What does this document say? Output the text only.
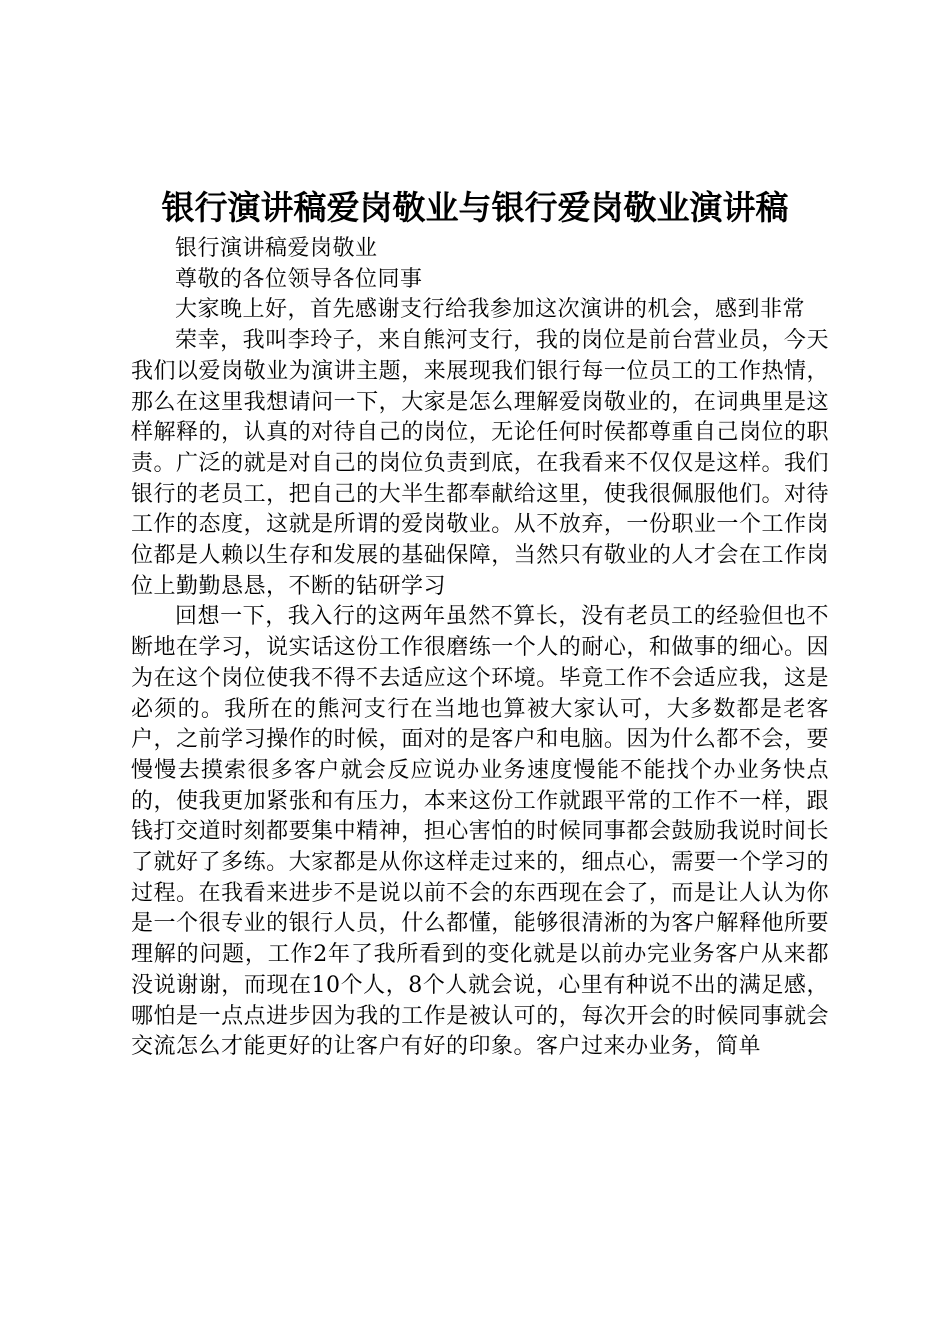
银行演讲稿爱岗敬业与银行爱岗敬业演讲稿

银行演讲稿爱岗敬业

尊敬的各位领导各位同事

大家晚上好，首先感谢支行给我参加这次演讲的机会，感到非常

荣幸，我叫李玲子，来自熊河支行，我的岗位是前台营业员，今天我们以爱岗敬业为演讲主题，来展现我们银行每一位员工的工作热情，那么在这里我想请问一下，大家是怎么理解爱岗敬业的，在词典里是这样解释的，认真的对待自己的岗位，无论任何时侯都尊重自己岗位的职责。广泛的就是对自己的岗位负责到底，在我看来不仅仅是这样。我们银行的老员工，把自己的大半生都奉献给这里，使我很佩服他们。对待工作的态度，这就是所谓的爱岗敬业。从不放弃，一份职业一个工作岗位都是人赖以生存和发展的基础保障，当然只有敬业的人才会在工作岗位上勤勤恳恳，不断的钻研学习

回想一下，我入行的这两年虽然不算长，没有老员工的经验但也不断地在学习，说实话这份工作很磨练一个人的耐心，和做事的细心。因为在这个岗位使我不得不去适应这个环境。毕竟工作不会适应我，这是必须的。我所在的熊河支行在当地也算被大家认可，大多数都是老客户，之前学习操作的时候，面对的是客户和电脑。因为什么都不会，要慢慢去摸索很多客户就会反应说办业务速度慢能不能找个办业务快点的，使我更加紧张和有压力，本来这份工作就跟平常的工作不一样，跟钱打交道时刻都要集中精神，担心害怕的时候同事都会鼓励我说时间长了就好了多练。大家都是从你这样走过来的，细点心，需要一个学习的过程。在我看来进步不是说以前不会的东西现在会了，而是让人认为你是一个很专业的银行人员，什么都懂，能够很清淅的为客户解释他所要理解的问题，工作2年了我所看到的变化就是以前办完业务客户从来都没说谢谢，而现在10个人，8个人就会说，心里有种说不出的满足感，哪怕是一点点进步因为我的工作是被认可的，每次开会的时候同事就会交流怎么才能更好的让客户有好的印象。客户过来办业务，简单
